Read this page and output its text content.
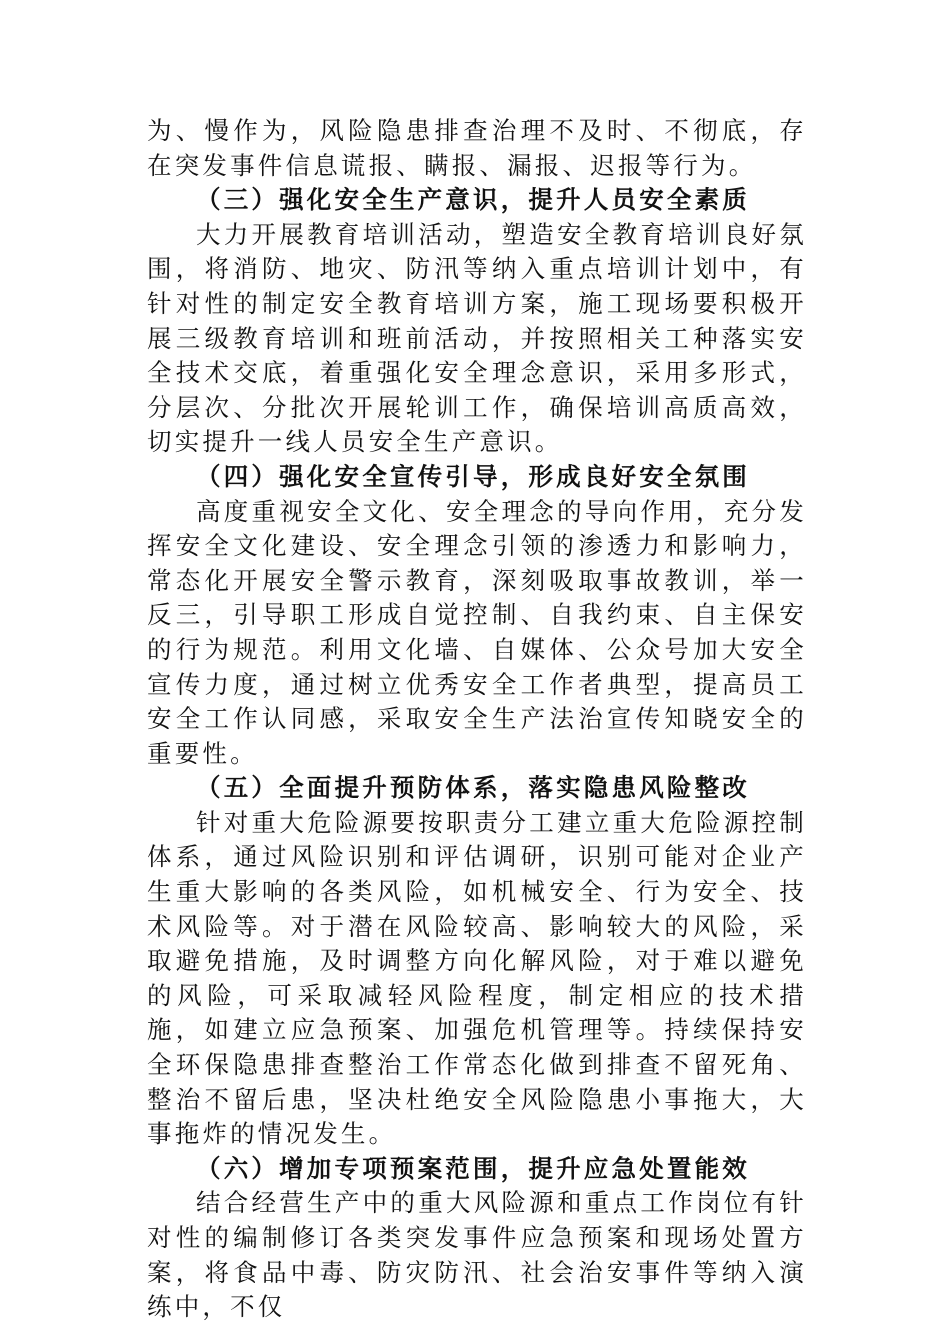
为、慢作为，风险隐患排查治理不及时、不彻底，存在突发事件信息谎报、瞒报、漏报、迟报等行为。

（三）强化安全生产意识，提升人员安全素质

大力开展教育培训活动，塑造安全教育培训良好氛围，将消防、地灾、防汛等纳入重点培训计划中，有针对性的制定安全教育培训方案，施工现场要积极开展三级教育培训和班前活动，并按照相关工种落实安全技术交底，着重强化安全理念意识，采用多形式，分层次、分批次开展轮训工作，确保培训高质高效，切实提升一线人员安全生产意识。

（四）强化安全宣传引导，形成良好安全氛围

高度重视安全文化、安全理念的导向作用，充分发挥安全文化建设、安全理念引领的渗透力和影响力，常态化开展安全警示教育，深刻吸取事故教训，举一反三，引导职工形成自觉控制、自我约束、自主保安的行为规范。利用文化墙、自媒体、公众号加大安全宣传力度，通过树立优秀安全工作者典型，提高员工安全工作认同感，采取安全生产法治宣传知晓安全的重要性。

（五）全面提升预防体系，落实隐患风险整改

针对重大危险源要按职责分工建立重大危险源控制体系，通过风险识别和评估调研，识别可能对企业产生重大影响的各类风险，如机械安全、行为安全、技术风险等。对于潜在风险较高、影响较大的风险，采取避免措施，及时调整方向化解风险，对于难以避免的风险，可采取减轻风险程度，制定相应的技术措施，如建立应急预案、加强危机管理等。持续保持安全环保隐患排查整治工作常态化做到排查不留死角、整治不留后患，坚决杜绝安全风险隐患小事拖大，大事拖炸的情况发生。

（六）增加专项预案范围，提升应急处置能效

结合经营生产中的重大风险源和重点工作岗位有针对性的编制修订各类突发事件应急预案和现场处置方案，将食品中毒、防灾防汛、社会治安事件等纳入演练中，不仅
